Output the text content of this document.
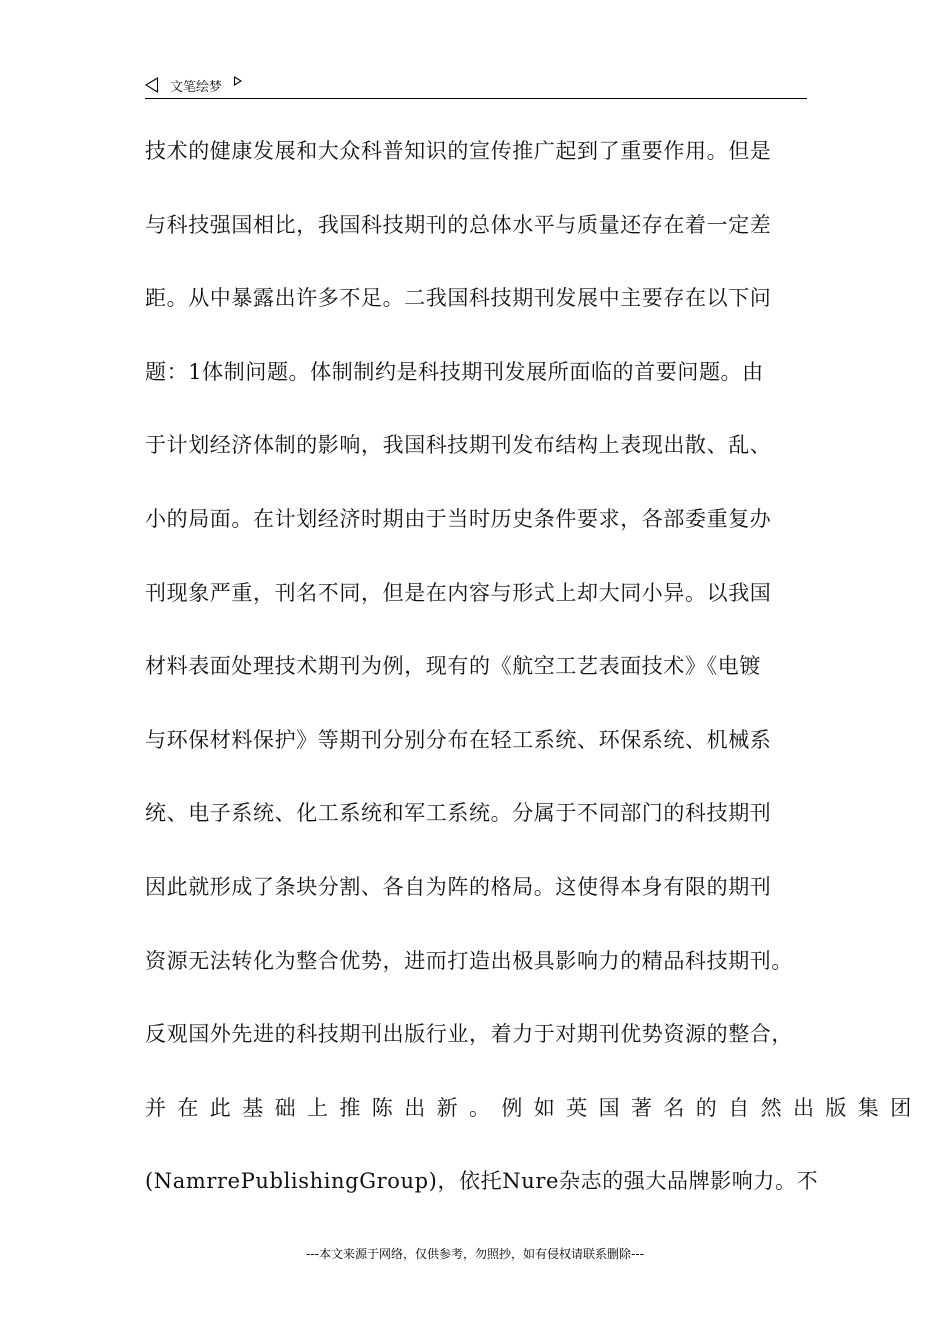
文笔绘梦
技术的健康发展和大众科普知识的宣传推广起到了重要作用。但是
与科技强国相比，我国科技期刊的总体水平与质量还存在着一定差
距。从中暴露出许多不足。二我国科技期刊发展中主要存在以下问
题：1体制问题。体制制约是科技期刊发展所面临的首要问题。由
于计划经济体制的影响，我国科技期刊发布结构上表现出散、乱、
小的局面。在计划经济时期由于当时历史条件要求，各部委重复办
刊现象严重，刊名不同，但是在内容与形式上却大同小异。以我国
材料表面处理技术期刊为例，现有的《航空工艺表面技术》《电镀
与环保材料保护》等期刊分别分布在轻工系统、环保系统、机械系
统、电子系统、化工系统和军工系统。分属于不同部门的科技期刊
因此就形成了条块分割、各自为阵的格局。这使得本身有限的期刊
资源无法转化为整合优势，进而打造出极具影响力的精品科技期刊。
反观国外先进的科技期刊出版行业，着力于对期刊优势资源的整合，
并在此基础上推陈出新。例如英国著名的自然出版集团
(NamrrePublishingGroup)，依托Nure杂志的强大品牌影响力。不
---本文来源于网络，仅供参考，勿照抄，如有侵权请联系删除---
